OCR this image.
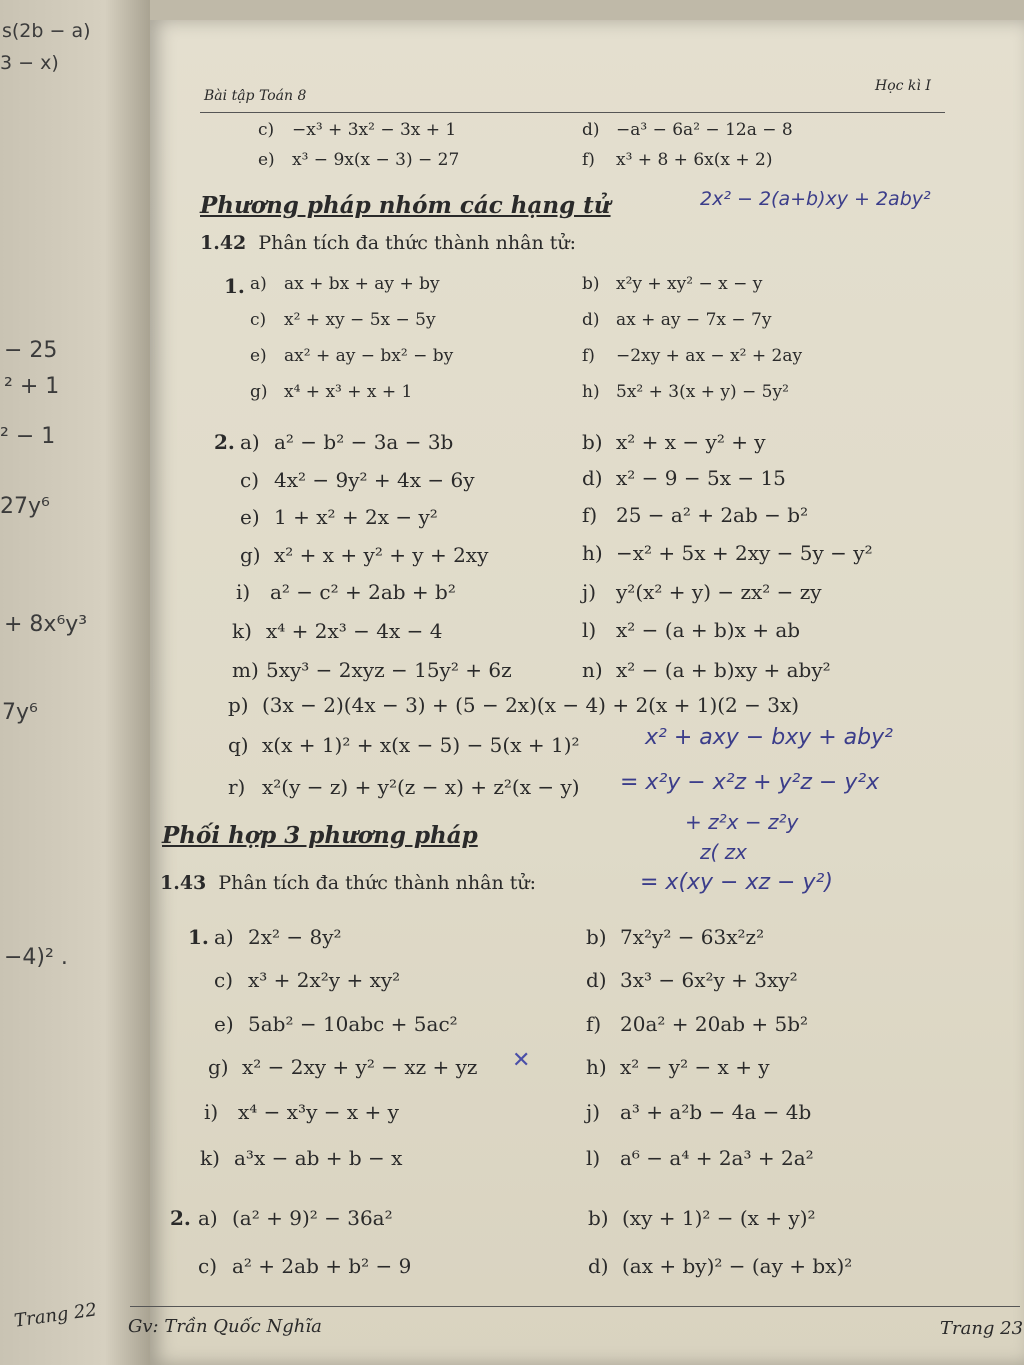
s(2b − a)
3 − x)
− 25
² + 1
² − 1
27y⁶
+ 8x⁶y³
7y⁶
−4)² .
Trang 22
Bài tập Toán 8
Học kì I
c) −x³ + 3x² − 3x + 1	d) −a³ − 6a² − 12a − 8
e) x³ − 9x(x − 3) − 27	f) x³ + 8 + 6x(x + 2)
Phương pháp nhóm các hạng tử	2x² − 2(a+b)xy + 2aby²
1.42 Phân tích đa thức thành nhân tử:
1. a) ax + bx + ay + by	b) x²y + xy² − x − y
c) x² + xy − 5x − 5y	d) ax + ay − 7x − 7y
e) ax² + ay − bx² − by	f) −2xy + ax − x² + 2ay
g) x⁴ + x³ + x + 1	h) 5x² + 3(x + y) − 5y²
2. a) a² − b² − 3a − 3b	b) x² + x − y² + y
c) 4x² − 9y² + 4x − 6y	d) x² − 9 − 5x − 15
e) 1 + x² + 2x − y²	f) 25 − a² + 2ab − b²
g) x² + x + y² + y + 2xy	h) −x² + 5x + 2xy − 5y − y²
i) a² − c² + 2ab + b²	j) y²(x² + y) − zx² − zy
k) x⁴ + 2x³ − 4x − 4	l) x² − (a + b)x + ab
m) 5xy³ − 2xyz − 15y² + 6z	n) x² − (a + b)xy + aby²
p) (3x − 2)(4x − 3) + (5 − 2x)(x − 4) + 2(x + 1)(2 − 3x)
q) x(x + 1)² + x(x − 5) − 5(x + 1)²
r) x²(y − z) + y²(z − x) + z²(x − y)
x² + axy − bxy + aby²
= x²y − x²z + y²z − y²x
+ z²x − z²y
z( zx
= x(xy − xz − y²)
Phối hợp 3 phương pháp
1.43 Phân tích đa thức thành nhân tử:
1. a) 2x² − 8y²	b) 7x²y² − 63x²z²
c) x³ + 2x²y + xy²	d) 3x³ − 6x²y + 3xy²
e) 5ab² − 10abc + 5ac²	f) 20a² + 20ab + 5b²
g) x² − 2xy + y² − xz + yz ✕	h) x² − y² − x + y
i) x⁴ − x³y − x + y	j) a³ + a²b − 4a − 4b
k) a³x − ab + b − x	l) a⁶ − a⁴ + 2a³ + 2a²
2. a) (a² + 9)² − 36a²	b) (xy + 1)² − (x + y)²
c) a² + 2ab + b² − 9	d) (ax + by)² − (ay + bx)²
Gv: Trần Quốc Nghĩa	Trang 23
